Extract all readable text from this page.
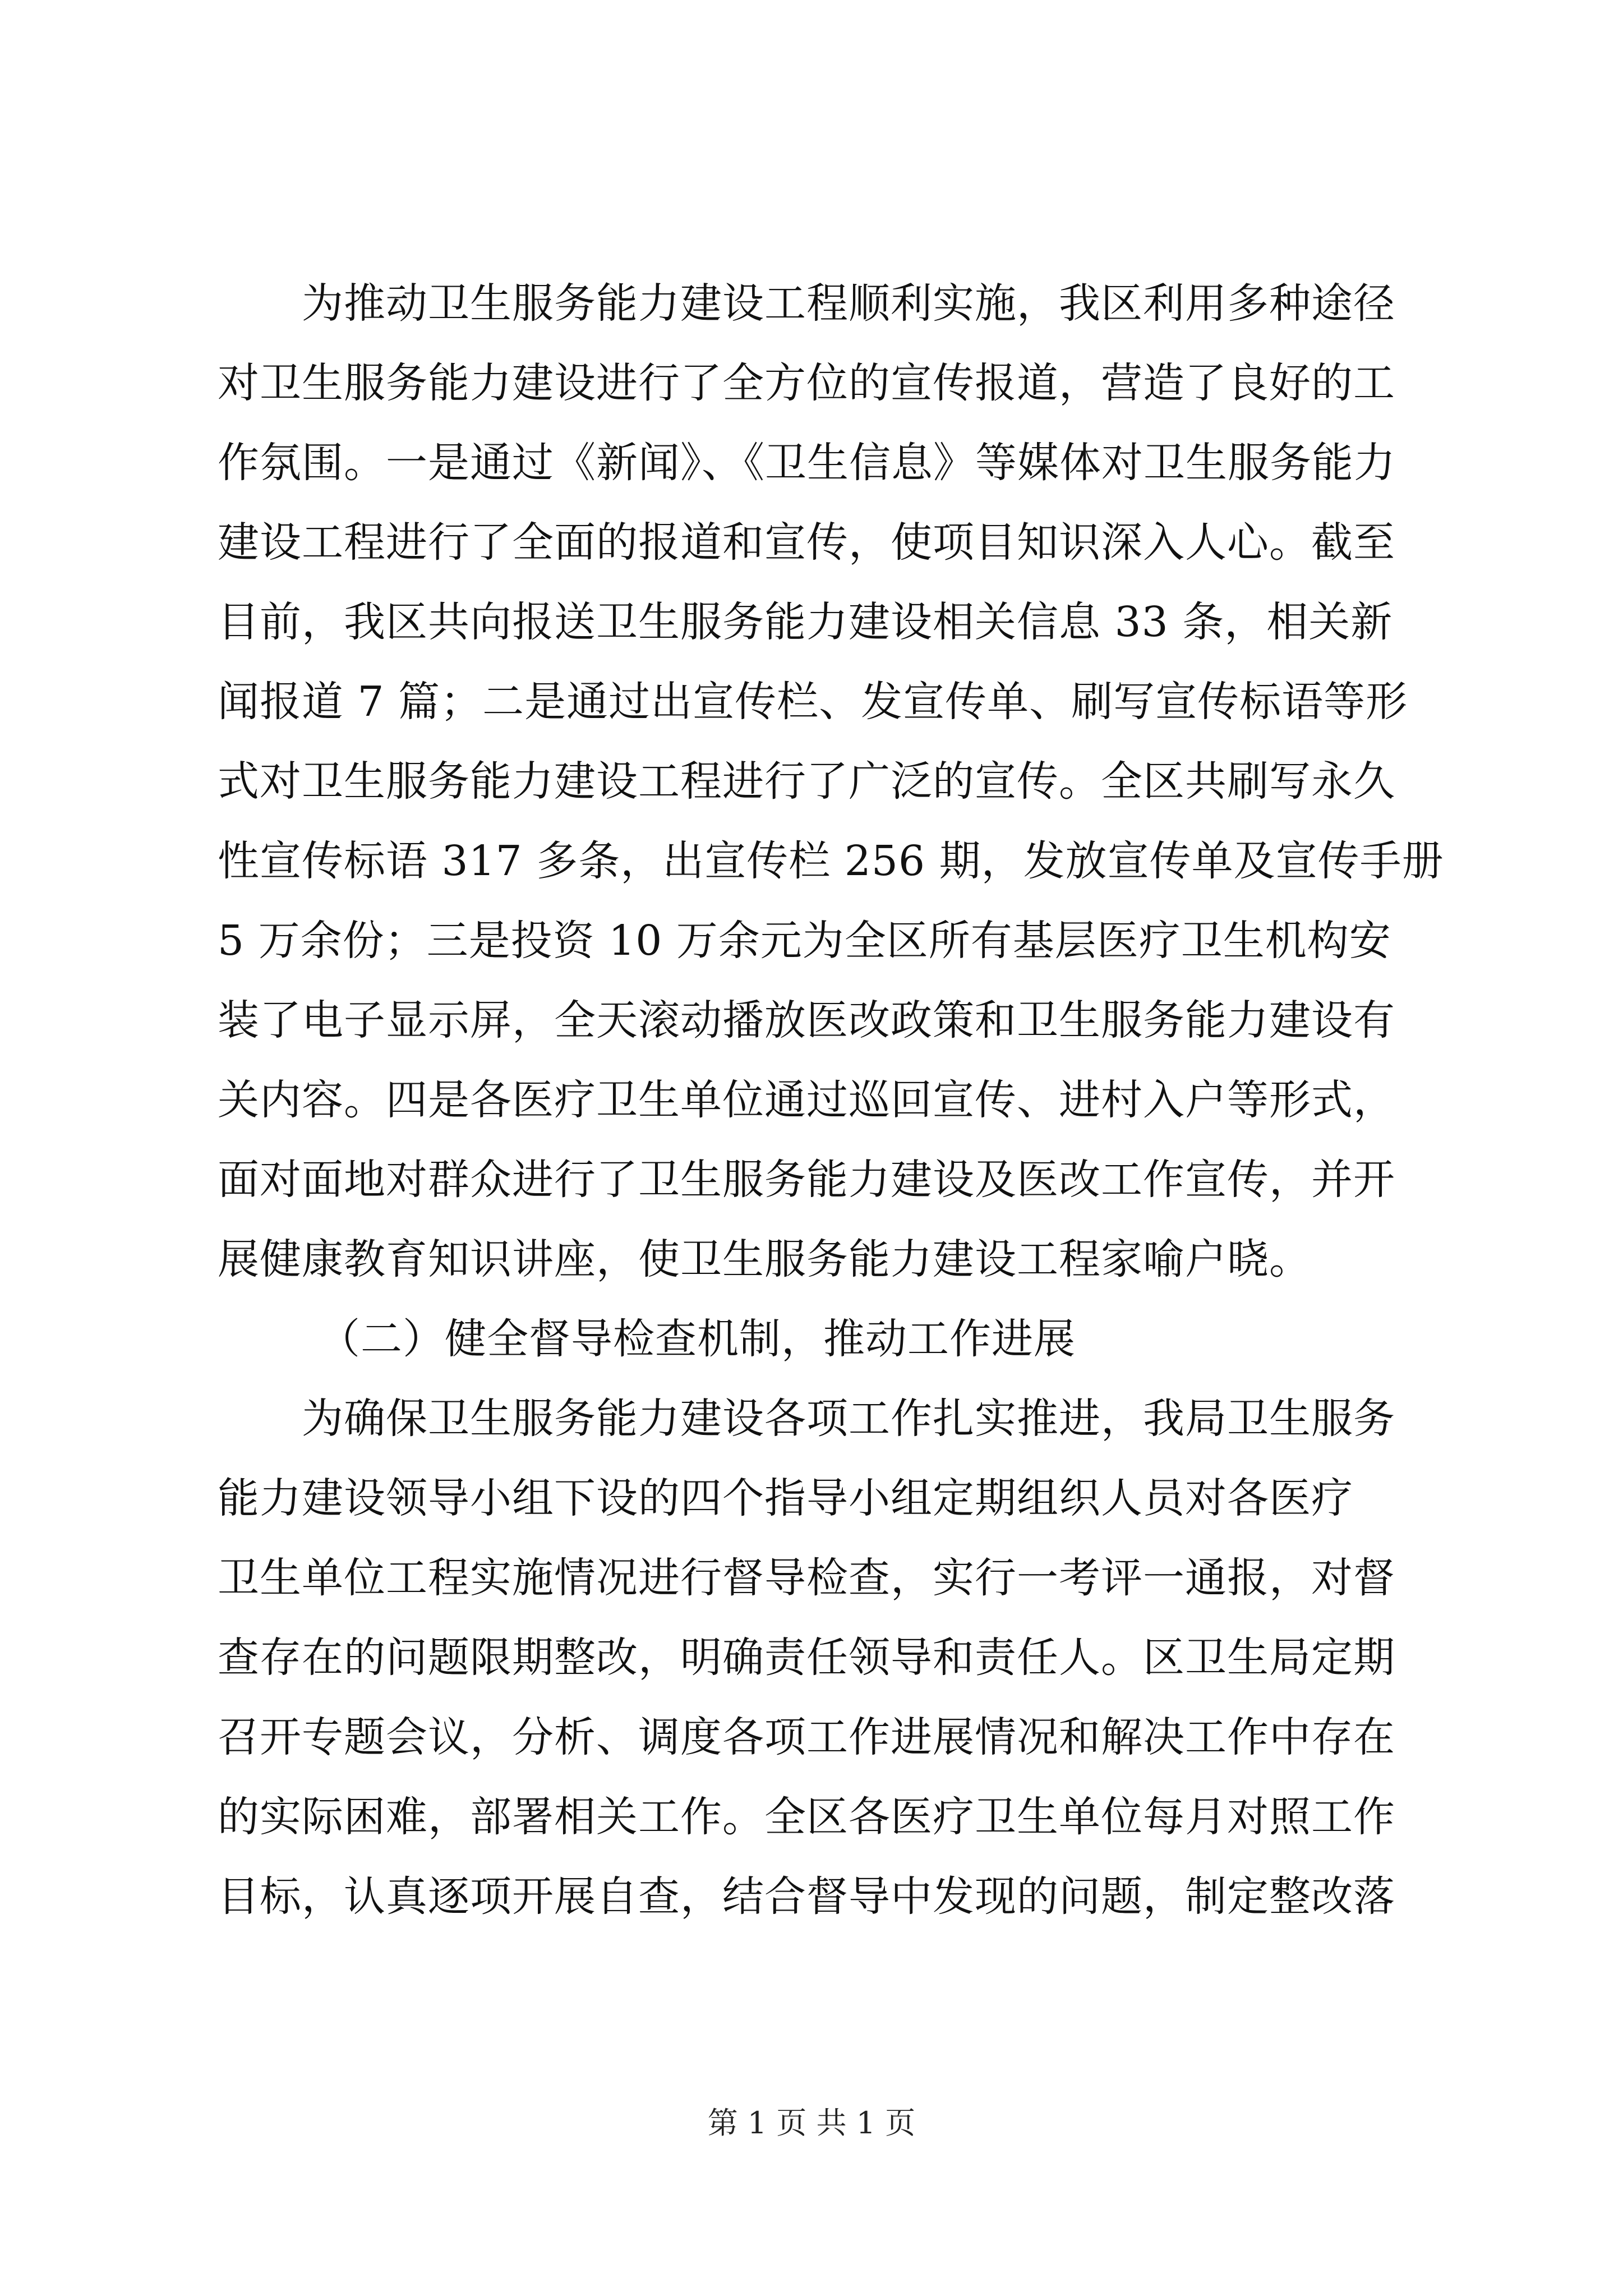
为推动卫生服务能力建设工程顺利实施，我区利用多种途径
对卫生服务能力建设进行了全方位的宣传报道，营造了良好的工
作氛围。一是通过《新闻》、《卫生信息》等媒体对卫生服务能力
建设工程进行了全面的报道和宣传，使项目知识深入人心。截至
目前，我区共向报送卫生服务能力建设相关信息 33 条，相关新
闻报道 7 篇；二是通过出宣传栏、发宣传单、刷写宣传标语等形
式对卫生服务能力建设工程进行了广泛的宣传。全区共刷写永久
性宣传标语 317 多条，出宣传栏 256 期，发放宣传单及宣传手册
5 万余份；三是投资 10 万余元为全区所有基层医疗卫生机构安
装了电子显示屏，全天滚动播放医改政策和卫生服务能力建设有
关内容。四是各医疗卫生单位通过巡回宣传、进村入户等形式，
面对面地对群众进行了卫生服务能力建设及医改工作宣传，并开
展健康教育知识讲座，使卫生服务能力建设工程家喻户晓。
（二）健全督导检查机制，推动工作进展
为确保卫生服务能力建设各项工作扎实推进，我局卫生服务
能力建设领导小组下设的四个指导小组定期组织人员对各医疗
卫生单位工程实施情况进行督导检查，实行一考评一通报，对督
查存在的问题限期整改，明确责任领导和责任人。区卫生局定期
召开专题会议，分析、调度各项工作进展情况和解决工作中存在
的实际困难，部署相关工作。全区各医疗卫生单位每月对照工作
目标，认真逐项开展自查，结合督导中发现的问题，制定整改落
第 1 页 共 1 页
